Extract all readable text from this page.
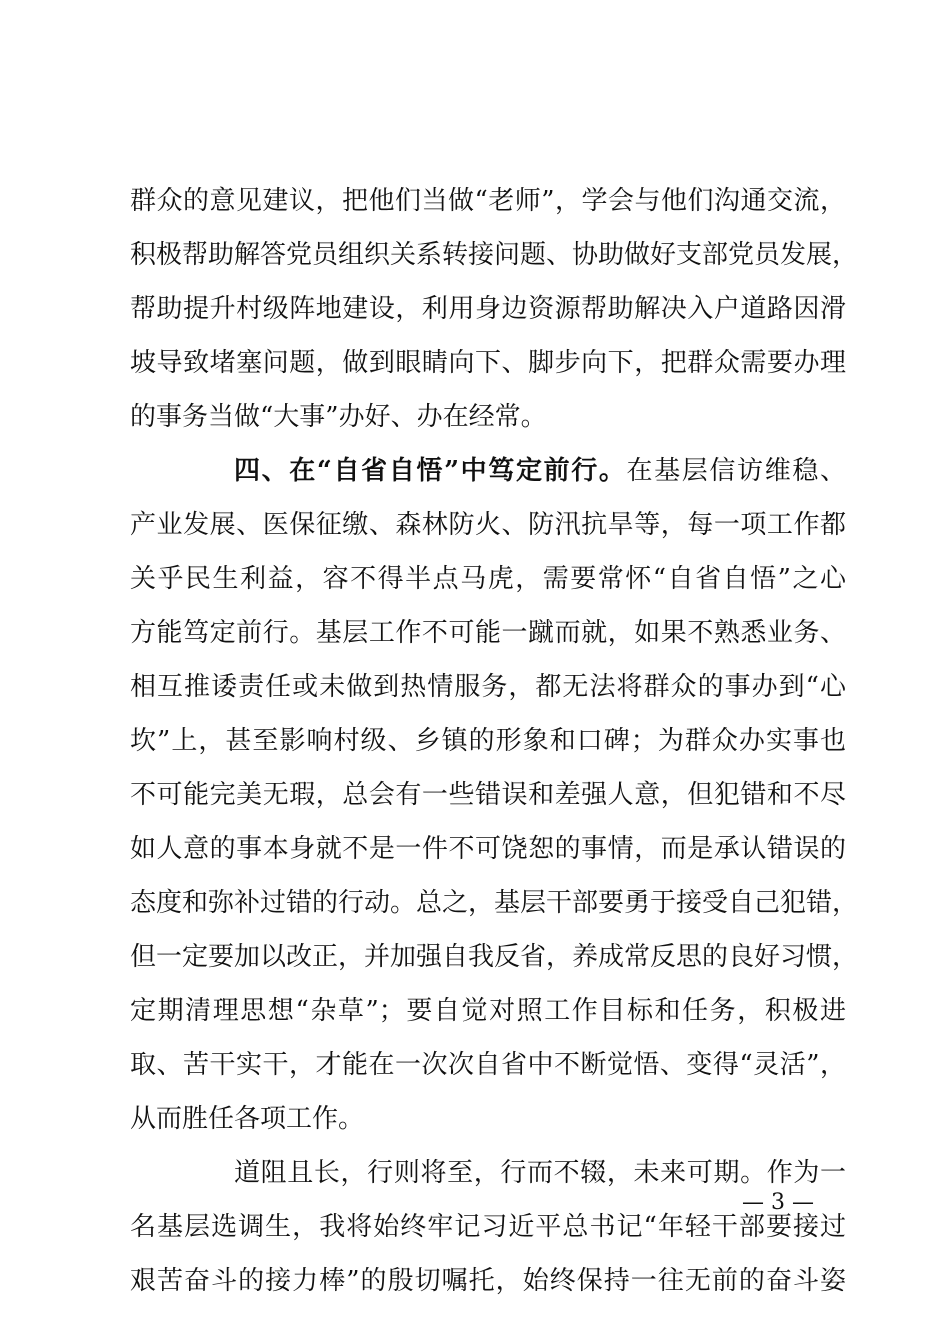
群众的意见建议，把他们当做“老师”，学会与他们沟通交流，
积极帮助解答党员组织关系转接问题、协助做好支部党员发展，
帮助提升村级阵地建设，利用身边资源帮助解决入户道路因滑
坡导致堵塞问题，做到眼睛向下、脚步向下，把群众需要办理
的事务当做“大事”办好、办在经常。
四、在“自省自悟”中笃定前行。在基层信访维稳、
产业发展、医保征缴、森林防火、防汛抗旱等，每一项工作都
关乎民生利益，容不得半点马虎，需要常怀“自省自悟”之心
方能笃定前行。基层工作不可能一蹴而就，如果不熟悉业务、
相互推诿责任或未做到热情服务，都无法将群众的事办到“心
坎”上，甚至影响村级、乡镇的形象和口碑；为群众办实事也
不可能完美无瑕，总会有一些错误和差强人意，但犯错和不尽
如人意的事本身就不是一件不可饶恕的事情，而是承认错误的
态度和弥补过错的行动。总之，基层干部要勇于接受自己犯错，
但一定要加以改正，并加强自我反省，养成常反思的良好习惯，
定期清理思想“杂草”；要自觉对照工作目标和任务，积极进
取、苦干实干，才能在一次次自省中不断觉悟、变得“灵活”，
从而胜任各项工作。
道阻且长，行则将至，行而不辍，未来可期。作为一
名基层选调生，我将始终牢记习近平总书记“年轻干部要接过
艰苦奋斗的接力棒”的殷切嘱托，始终保持一往无前的奋斗姿
— 3 —
